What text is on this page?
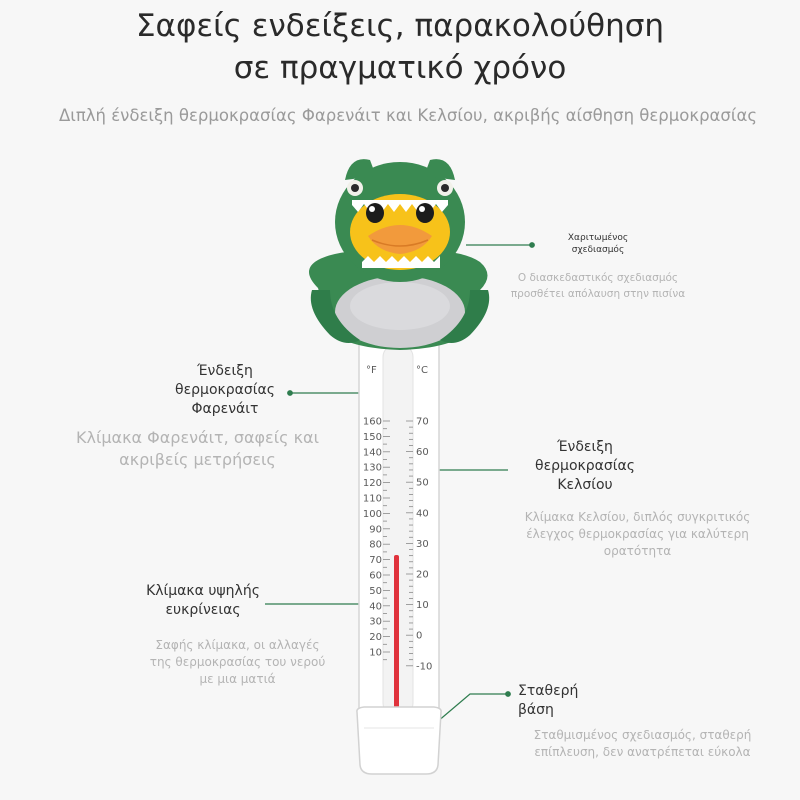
Σαφείς ενδείξεις, παρακολούθηση
σε πραγματικό χρόνο
Διπλή ένδειξη θερμοκρασίας Φαρενάιτ και Κελσίου, ακριβής αίσθηση θερμοκρασίας
°F	°C
160
150
140
130
120
110
100
90
80
70
60
50
40
30
20
10
70
60
50
40
30
20
10
0
-10
Χαριτωμένος σχεδιασμός
Ο διασκεδαστικός σχεδιασμός προσθέτει απόλαυση στην πισίνα
Ένδειξη θερμοκρασίας Φαρενάιτ
Κλίμακα Φαρενάιτ, σαφείς και ακριβείς μετρήσεις
Ένδειξη θερμοκρασίας Κελσίου
Κλίμακα Κελσίου, διπλός συγκριτικός έλεγχος θερμοκρασίας για καλύτερη ορατότητα
Κλίμακα υψηλής ευκρίνειας
Σαφής κλίμακα, οι αλλαγές της θερμοκρασίας του νερού με μια ματιά
Σταθερή βάση
Σταθμισμένος σχεδιασμός, σταθερή επίπλευση, δεν ανατρέπεται εύκολα
